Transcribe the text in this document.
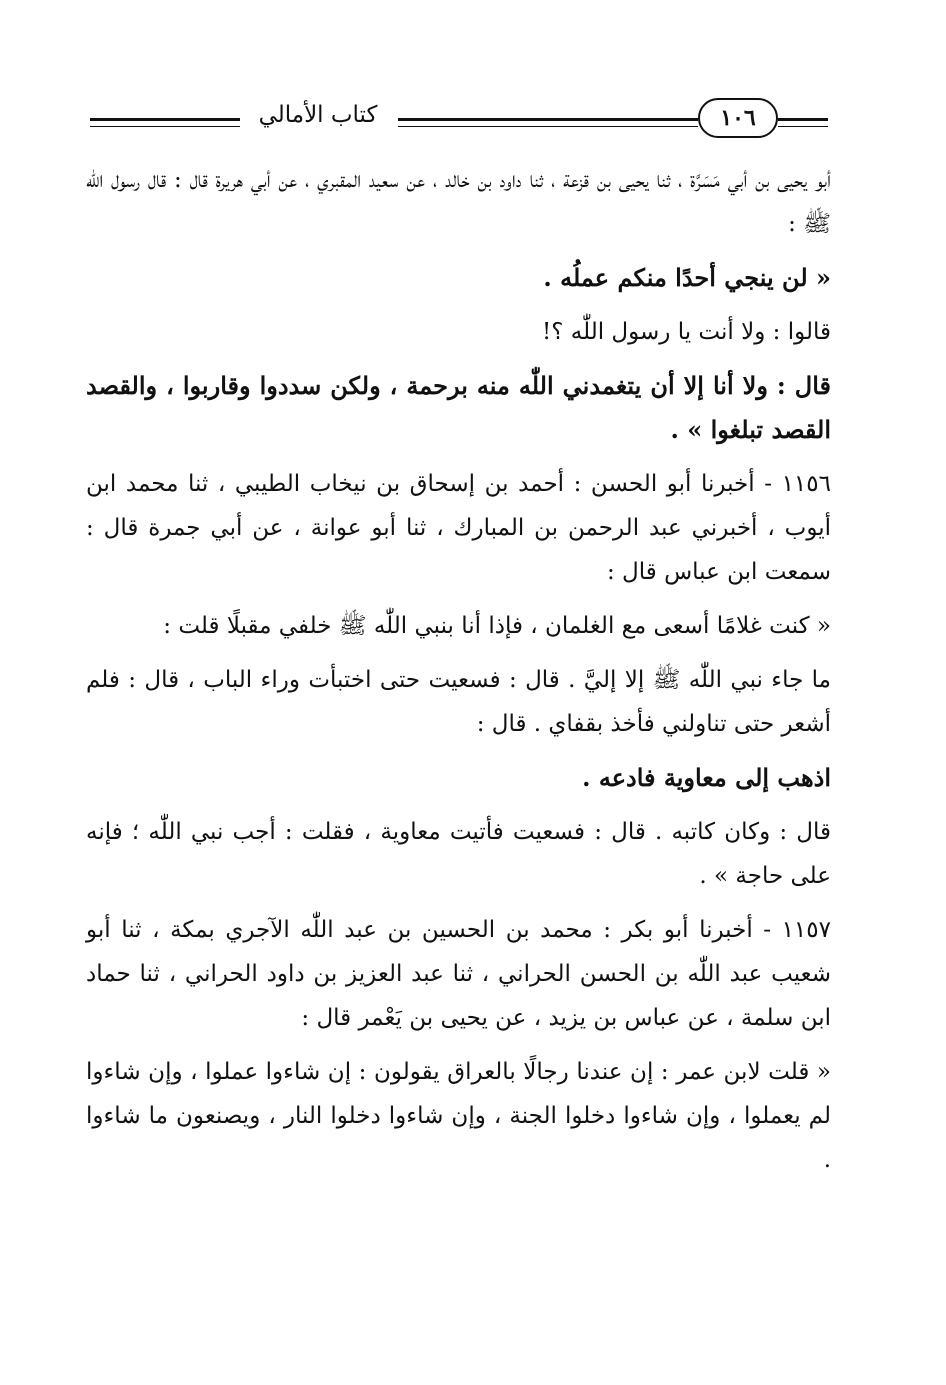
كتاب الأمالي	١٠٦

أبو يحيى بن أبي مَسَرَّة ، ثنا يحيى بن قزعة ، ثنا داود بن خالد ، عن سعيد المقبري ، عن أبي هريرة قال : قال رسول اللّٰه ﷺ :

« لن ينجي أحدًا منكم عملُه .

قالوا : ولا أنت يا رسول اللّٰه ؟!

قال : ولا أنا إلا أن يتغمدني اللّٰه منه برحمة ، ولكن سددوا وقاربوا ، والقصد القصد تبلغوا » .

١١٥٦ - أخبرنا أبو الحسن : أحمد بن إسحاق بن نيخاب الطيبي ، ثنا محمد ابن أيوب ، أخبرني عبد الرحمن بن المبارك ، ثنا أبو عوانة ، عن أبي جمرة قال : سمعت ابن عباس قال :

« كنت غلامًا أسعى مع الغلمان ، فإذا أنا بنبي اللّٰه ﷺ خلفي مقبلًا قلت :

ما جاء نبي اللّٰه ﷺ إلا إليَّ . قال : فسعيت حتى اختبأت وراء الباب ، قال : فلم أشعر حتى تناولني فأخذ بقفاي . قال :

اذهب إلى معاوية فادعه .

قال : وكان كاتبه . قال : فسعيت فأتيت معاوية ، فقلت : أجب نبي اللّٰه ؛ فإنه على حاجة » .

١١٥٧ - أخبرنا أبو بكر : محمد بن الحسين بن عبد اللّٰه الآجري بمكة ، ثنا أبو شعيب عبد اللّٰه بن الحسن الحراني ، ثنا عبد العزيز بن داود الحراني ، ثنا حماد ابن سلمة ، عن عباس بن يزيد ، عن يحيى بن يَعْمر قال :

« قلت لابن عمر : إن عندنا رجالًا بالعراق يقولون : إن شاءوا عملوا ، وإن شاءوا لم يعملوا ، وإن شاءوا دخلوا الجنة ، وإن شاءوا دخلوا النار ، ويصنعون ما شاءوا .
